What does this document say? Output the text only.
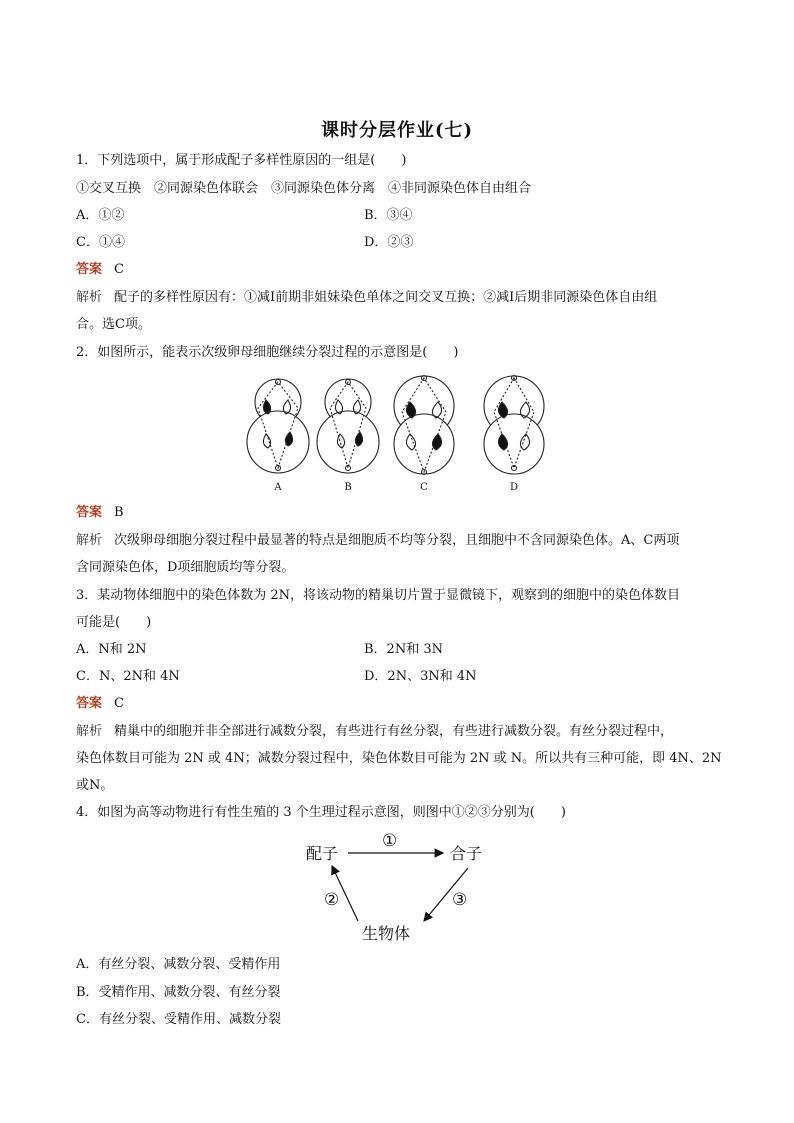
课时分层作业(七)
1．下列选项中，属于形成配子多样性原因的一组是(　　)
①交叉互换　②同源染色体联会　③同源染色体分离　④非同源染色体自由组合
A．①②	B．③④
C．①④	D．②③
答案 C
解析 配子的多样性原因有：①减Ⅰ前期非姐妹染色单体之间交叉互换；②减Ⅰ后期非同源染色体自由组
合。选C项。
2．如图所示，能表示次级卵母细胞继续分裂过程的示意图是(　　)
A	B	C	D
答案 B
解析 次级卵母细胞分裂过程中最显著的特点是细胞质不均等分裂，且细胞中不含同源染色体。A、C两项
含同源染色体，D项细胞质均等分裂。
3．某动物体细胞中的染色体数为 2N，将该动物的精巢切片置于显微镜下，观察到的细胞中的染色体数目
可能是(　　)
A．N和 2N	B．2N和 3N
C．N、2N和 4N	D．2N、3N和 4N
答案 C
解析 精巢中的细胞并非全部进行减数分裂，有些进行有丝分裂，有些进行减数分裂。有丝分裂过程中，
染色体数目可能为 2N 或 4N；减数分裂过程中，染色体数目可能为 2N 或 N。所以共有三种可能，即 4N、2N
或N。
4．如图为高等动物进行有性生殖的 3 个生理过程示意图，则图中①②③分别为(　　)
配子	合子
生物体
①
②	③
A．有丝分裂、减数分裂、受精作用
B．受精作用、减数分裂、有丝分裂
C．有丝分裂、受精作用、减数分裂
